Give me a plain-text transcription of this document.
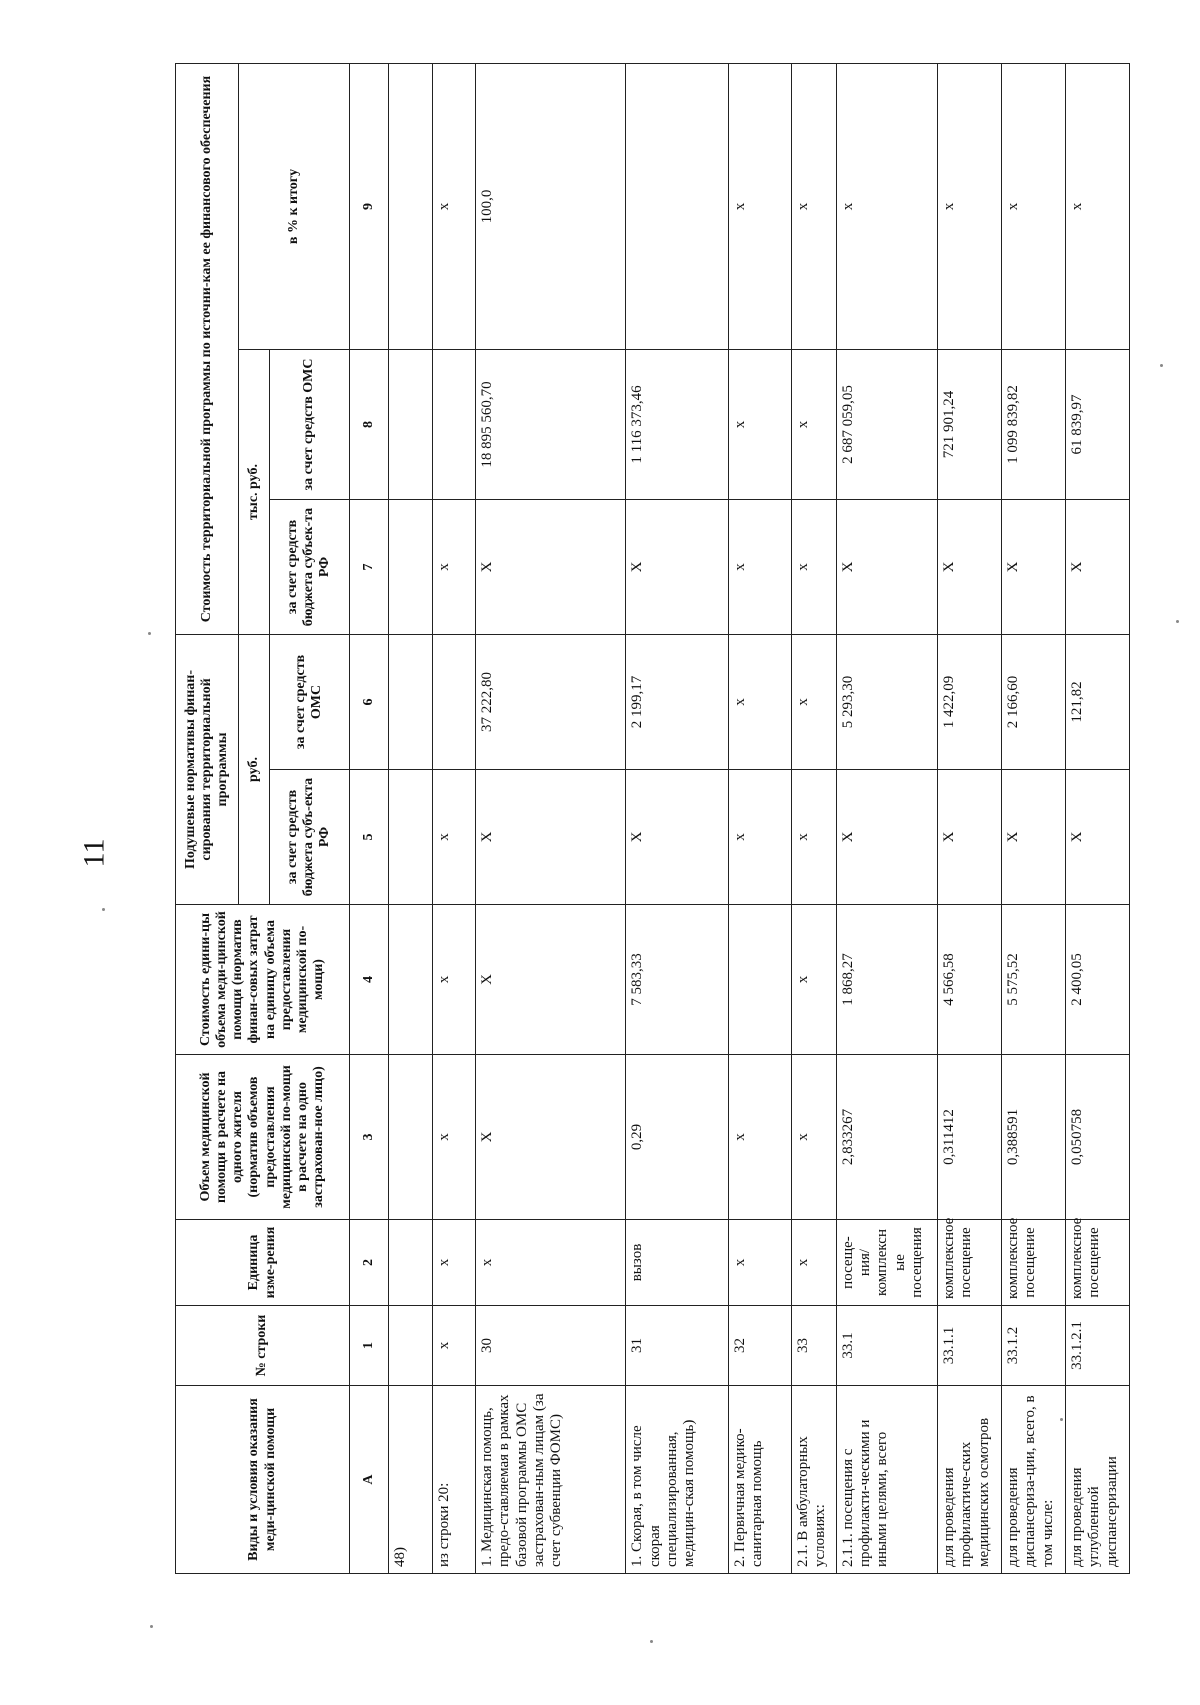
11
Виды и условия оказания меди-цинской помощи	№ строки	Единица изме-рения	Объем медицинской помощи в расчете на одного жителя (норматив объемов предоставления медицинской по-мощи в расчете на одно застрахован-ное лицо)	Стоимость едини-цы объема меди-цинской помощи (норматив финан-совых затрат на единицу объема предоставления медицинской по-мощи)	Подушевые нормативы финан-сирования территориальной программы		Стоимость территориальной программы по источни-кам ее финансового обеспечения		
					руб.		тыс. руб.		в % к итогу
					за счет средств бюджета субъ-екта РФ	за счет средств ОМС	за счет средств бюджета субъек-та РФ	за счет средств ОМС	
А	1	2	3	4	5	6	7	8	9
48)									
из строки 20:	х	х	х	х	х		х		х
1. Медицинская помощь, предо-ставляемая в рамках базовой программы ОМС застрахован-ным лицам (за счет субвенции ФОМС)	30	х	Х	Х	Х	37 222,80	Х	18 895 560,70	100,0
1. Скорая, в том числе скорая специализированная, медицин-ская помощь)	31	вызов	0,29	7 583,33	Х	2 199,17	Х	1 116 373,46	
2. Первичная медико-санитарная помощь	32	х	х		х	х	х	х	х
2.1. В амбулаторных условиях:	33	х	х	х	х	х	х	х	х
2.1.1. посещения с профилакти-ческими и иными целями, всего	33.1	посеще-ния/комплексн ые посещения	2,833267	1 868,27	Х	5 293,30	Х	2 687 059,05	х
для проведения профилактиче-ских медицинских осмотров	33.1.1	комплексное посещение	0,311412	4 566,58	Х	1 422,09	Х	721 901,24	х
для проведения диспансериза-ции, всего, в том числе:	33.1.2	комплексное посещение	0,388591	5 575,52	Х	2 166,60	Х	1 099 839,82	х
для проведения углубленной диспансеризации	33.1.2.1	комплексное посещение	0,050758	2 400,05	Х	121,82	Х	61 839,97	х
